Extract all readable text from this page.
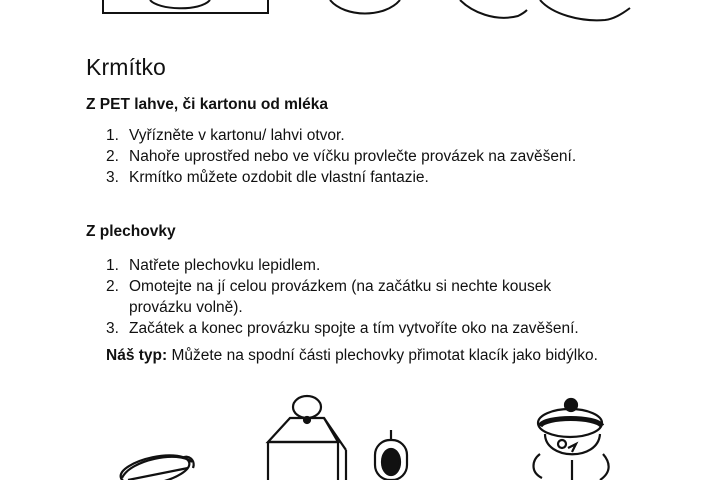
Krmítko
Z PET lahve, či kartonu od mléka
1. Vyřízněte v kartonu/ lahvi otvor.
2. Nahoře uprostřed nebo ve víčku provlečte provázek na zavěšení.
3. Krmítko můžete ozdobit dle vlastní fantazie.
Z plechovky
1. Natřete plechovku lepidlem.
2. Omotejte na jí celou provázkem (na začátku si nechte kousek
provázku volně).
3. Začátek a konec provázku spojte a tím vytvoříte oko na zavěšení.

Náš typ: Můžete na spodní části plechovky přimotat klacík jako bidýlko.
